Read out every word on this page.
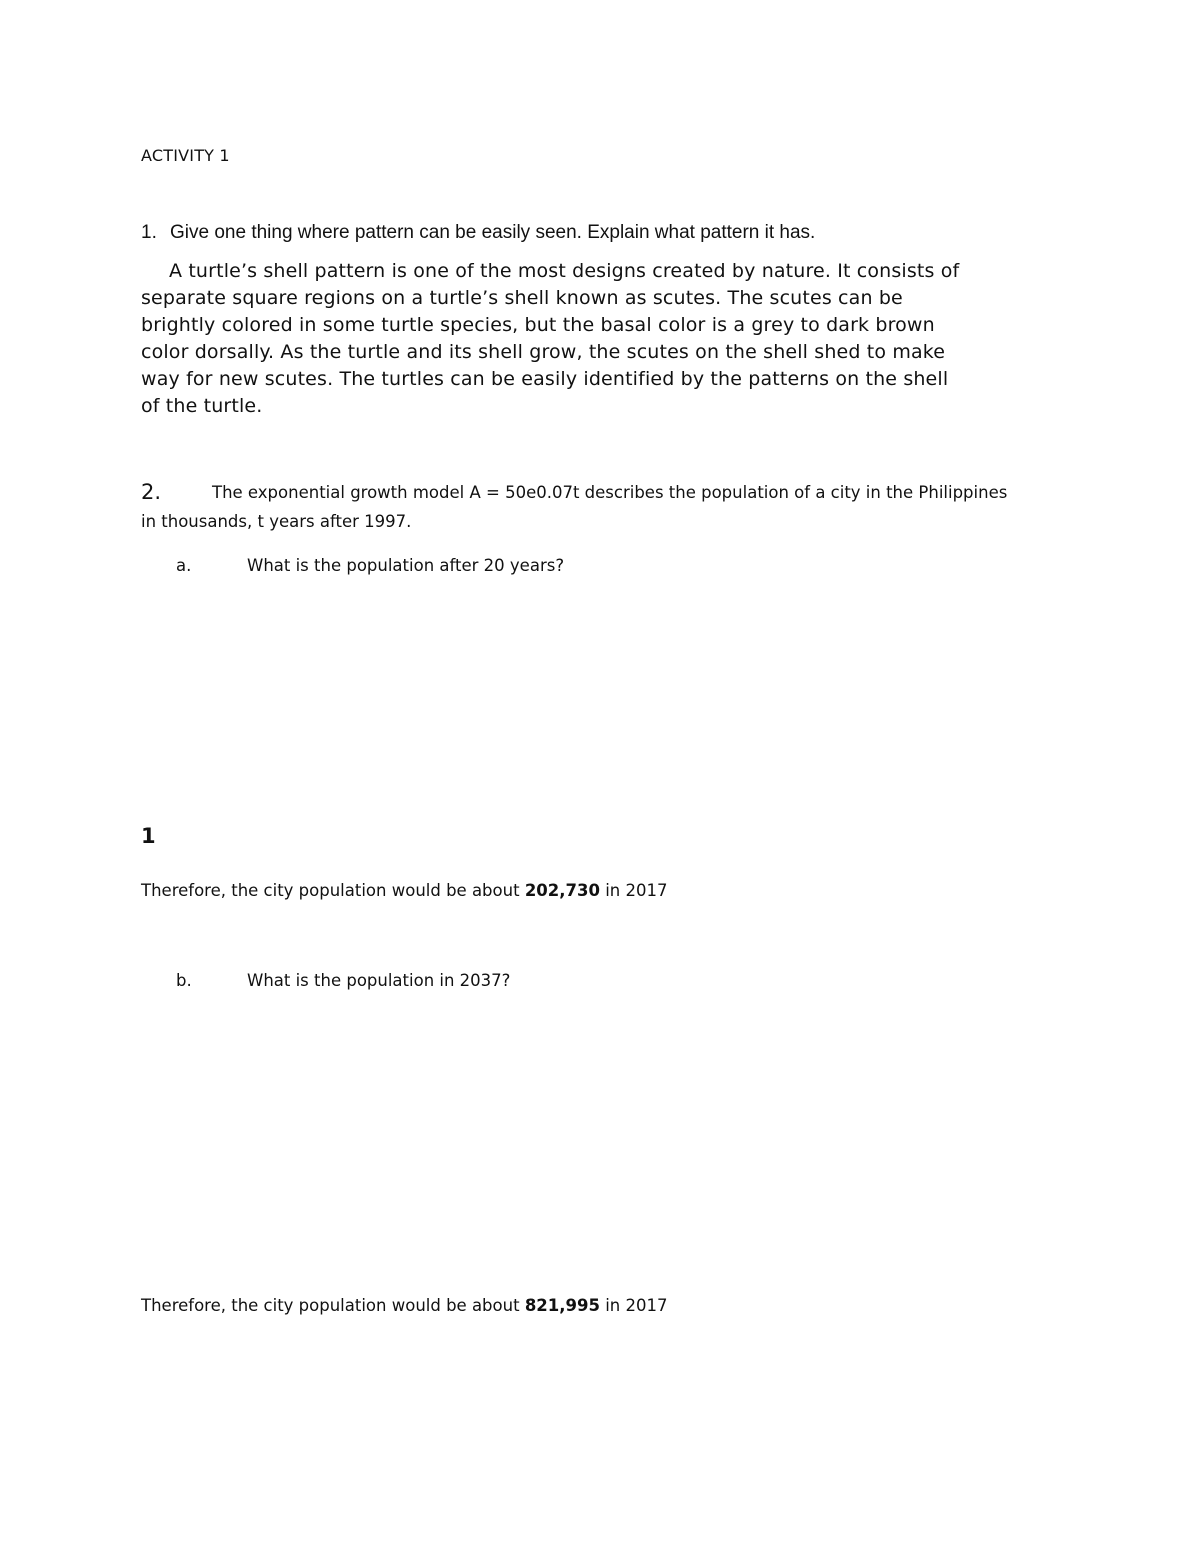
ACTIVITY 1

1. Give one thing where pattern can be easily seen. Explain what pattern it has.

A turtle’s shell pattern is one of the most designs created by nature. It consists of
separate square regions on a turtle’s shell known as scutes. The scutes can be
brightly colored in some turtle species, but the basal color is a grey to dark brown
color dorsally. As the turtle and its shell grow, the scutes on the shell shed to make
way for new scutes. The turtles can be easily identified by the patterns on the shell
of the turtle.

2.	The exponential growth model A = 50e0.07t describes the population of a city in the Philippines

in thousands, t years after 1997.

a.	What is the population after 20 years?

1

Therefore, the city population would be about 202,730 in 2017

b.	What is the population in 2037?

Therefore, the city population would be about 821,995 in 2017
